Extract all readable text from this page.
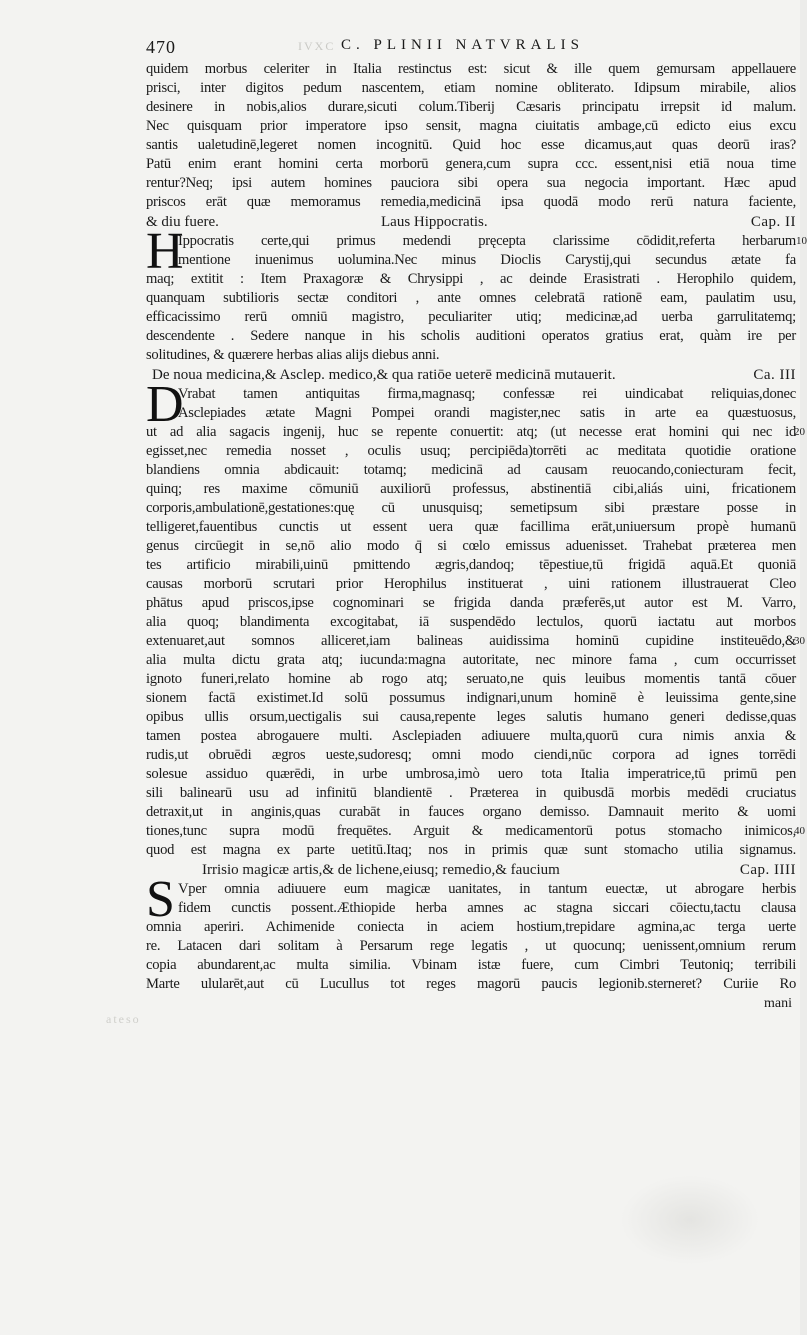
470	IVXC C. PLINII NATVRALIS
quidem morbus celeriter in Italia restinctus est: sicut & ille quem gemursam appellauere
prisci, inter digitos pedum nascentem, etiam nomine obliterato. Idipsum mirabile, alios
desinere in nobis,alios durare,sicuti colum.Tiberij Cæsaris principatu irrepsit id malum.
Nec quisquam prior imperatore ipso sensit, magna ciuitatis ambage,cū edicto eius excu
santis ualetudinē,legeret nomen incognitū. Quid hoc esse dicamus,aut quas deorū iras?
Patū enim erant homini certa morborū genera,cum supra ccc. essent,nisi etiā noua time
rentur?Neq; ipsi autem homines pauciora sibi opera sua negocia important. Hæc apud
priscos erāt quæ memoramus remedia,medicinā ipsa quodā modo rerū natura faciente,
& diu fuere.	Laus Hippocratis.	Cap. II
Ippocratis certe,qui primus medendi pręcepta clarissime cōdidit,referta herbarum
mentione inuenimus uolumina.Nec minus Dioclis Carystij,qui secundus ætate fa
maq; extitit : Item Praxagoræ & Chrysippi , ac deinde Erasistrati . Herophilo quidem,
quanquam subtilioris sectæ conditori , ante omnes celebratā rationē eam, paulatim usu,
efficacissimo rerū omniū magistro, peculiariter utiq; medicinæ,ad uerba garrulitatemq;
descendente . Sedere nanque in his scholis auditioni operatos gratius erat, quàm ire per
solitudines, & quærere herbas alias alijs diebus anni.
H	10
De noua medicina,& Asclep. medico,& qua ratiōe ueterē medicinā mutauerit.	Ca. III
Vrabat tamen antiquitas firma,magnasq; confessæ rei uindicabat reliquias,donec
Asclepiades ætate Magni Pompei orandi magister,nec satis in arte ea quæstuosus,
ut ad alia sagacis ingenij, huc se repente conuertit: atq; (ut necesse erat homini qui nec id
egisset,nec remedia nosset , oculis usuq; percipiēda)torrēti ac meditata quotidie oratione
blandiens omnia abdicauit: totamq; medicinā ad causam reuocando,coniecturam fecit,
quinq; res maxime cōmuniū auxiliorū professus, abstinentiā cibi,aliás uini, fricationem
corporis,ambulationē,gestationes:quę cū unusquisq; semetipsum sibi præstare posse in
telligeret,fauentibus cunctis ut essent uera quæ facillima erāt,uniuersum propè humanū
genus circūegit in se,nō alio modo q̄ si cœlo emissus aduenisset. Trahebat præterea men
tes artificio mirabili,uinū pmittendo ægris,dandoq; tēpestiue,tū frigidā aquā.Et quoniā
causas morborū scrutari prior Herophilus instituerat , uini rationem illustrauerat Cleo
phātus apud priscos,ipse cognominari se frigida danda præferēs,ut autor est M. Varro,
alia quoq; blandimenta excogitabat, iā suspendēdo lectulos, quorū iactatu aut morbos
extenuaret,aut somnos alliceret,iam balineas auidissima hominū cupidine institeuēdo,&
alia multa dictu grata atq; iucunda:magna autoritate, nec minore fama , cum occurrisset
ignoto funeri,relato homine ab rogo atq; seruato,ne quis leuibus momentis tantā cōuer
sionem factā existimet.Id solū possumus indignari,unum hominē è leuissima gente,sine
opibus ullis orsum,uectigalis sui causa,repente leges salutis humano generi dedisse,quas
tamen postea abrogauere multi. Asclepiaden adiuuere multa,quorū cura nimis anxia &
rudis,ut obruēdi ægros ueste,sudoresq; omni modo ciendi,nūc corpora ad ignes torrēdi
solesue assiduo quærēdi, in urbe umbrosa,imò uero tota Italia imperatrice,tū primū pen
sili balinearū usu ad infinitū blandientē . Præterea in quibusdā morbis medēdi cruciatus
detraxit,ut in anginis,quas curabāt in fauces organo demisso. Damnauit merito & uomi
tiones,tunc supra modū frequētes. Arguit & medicamentorū potus stomacho inimicos,
quod est magna ex parte uetitū.Itaq; nos in primis quæ sunt stomacho utilia signamus.
D	20
30
40
Irrisio magicæ artis,& de lichene,eiusq; remedio,& faucium	Cap. IIII
Vper omnia adiuuere eum magicæ uanitates, in tantum euectæ, ut abrogare herbis
fidem cunctis possent.Æthiopide herba amnes ac stagna siccari cōiectu,tactu clausa
omnia aperiri. Achimenide coniecta in aciem hostium,trepidare agmina,ac terga uerte
re. Latacen dari solitam à Persarum rege legatis , ut quocunq; uenissent,omnium rerum
copia abundarent,ac multa similia. Vbinam istæ fuere, cum Cimbri Teutoniq; terribili
Marte ulularēt,aut cū Lucullus tot reges magorū paucis legionib.sterneret? Curiie Ro
S
mani
ateso
